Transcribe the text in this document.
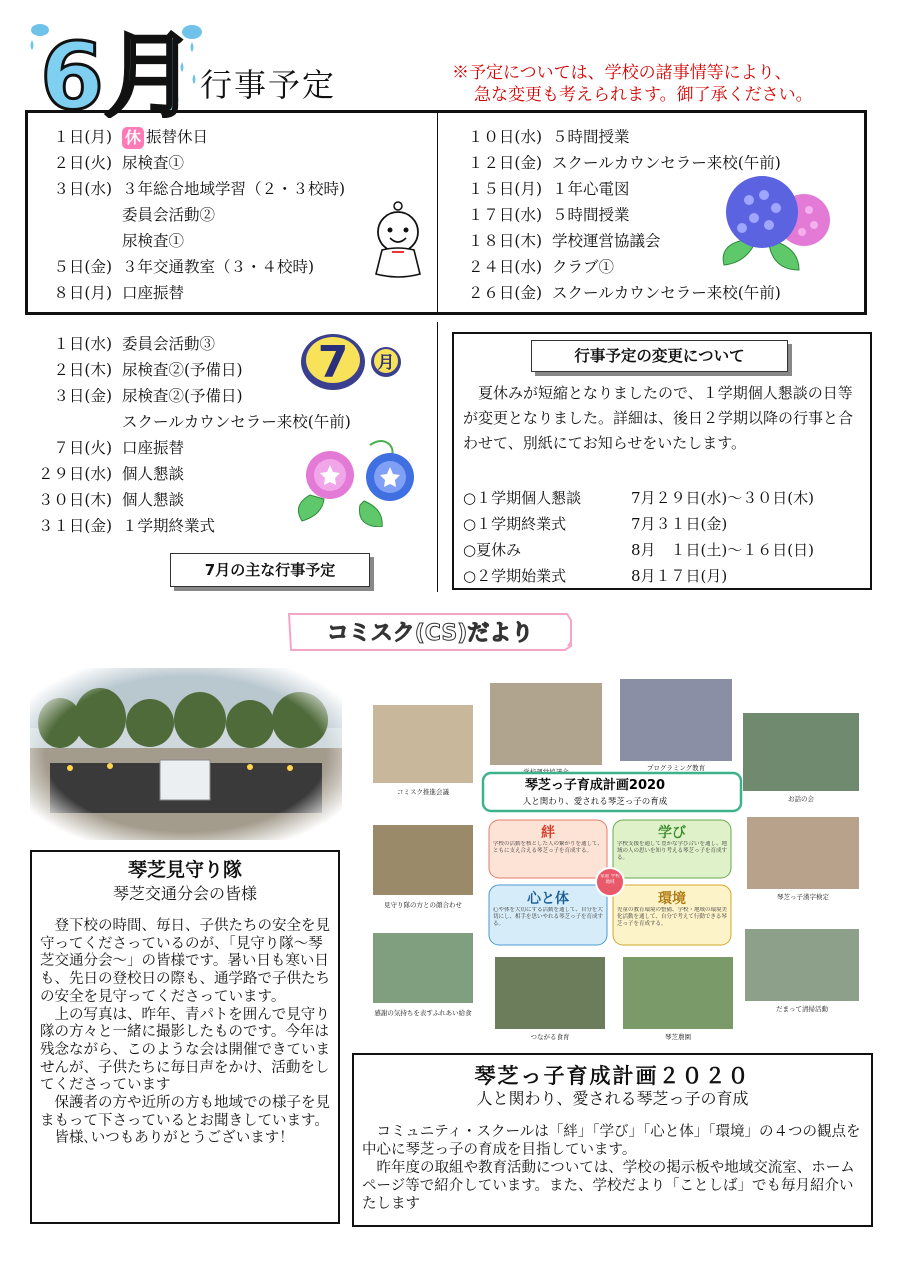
6月 行事予定	※予定については、学校の諸事情等により、
急な変更も考えられます。御了承ください。
１日(月) 休 振替休日
２日(火) 尿検査①
３日(水) ３年総合地域学習（２・３校時)
委員会活動②
尿検査①
５日(金) ３年交通教室（３・４校時)
８日(月) 口座振替
１０日(水) ５時間授業
１２日(金) スクールカウンセラー来校(午前)
１５日(月) １年心電図
１７日(水) ５時間授業
１８日(木) 学校運営協議会
２４日(水) クラブ①
２６日(金) スクールカウンセラー来校(午前)
１日(水) 委員会活動③
２日(木) 尿検査②(予備日)
３日(金) 尿検査②(予備日)
スクールカウンセラー来校(午前)
７日(火) 口座振替
２９日(水) 個人懇談
３０日(木) 個人懇談
３１日(金) １学期終業式
7 月
7月の主な行事予定
行事予定の変更について
夏休みが短縮となりましたので、１学期個人懇談の日等が変更となりました。詳細は、後日２学期以降の行事と合わせて、別紙にてお知らせをいたします。
○１学期個人懇談	7月２９日(水)～３０日(木)
○１学期終業式	7月３１日(金)
○夏休み	8月　１日(土)～１６日(日)
○２学期始業式	8月１７日(月)
コミスク(CS)だより
琴芝見守り隊
琴芝交通分会の皆様

登下校の時間、毎日、子供たちの安全を見守ってくださっているのが、「見守り隊～琴芝交通分会～」の皆様です。暑い日も寒い日も、先日の登校日の際も、通学路で子供たちの安全を見守ってくださっています。

上の写真は、昨年、青パトを囲んで見守り隊の方々と一緒に撮影したものです。今年は残念ながら、このような会は開催できていませんが、子供たちに毎日声をかけ、活動をしてくださっています

保護者の方や近所の方も地域での様子を見まもって下さっているとお聞きしています。

皆様､いつもありがとうございます！

コミスク推進会議
プログラミング教育
お話の会
見守り隊の方との顔合わせ
琴芝っ子漢字検定
感謝の気持ちを表すふれあい給食
つながる食育	琴芝農園
だまって清掃活動
琴芝っ子育成計画2020
人と関わり、愛される琴芝っ子の育成
絆
学校の活動を核とした人の繋がりを通して、ともに支え合える琴芝っ子を育成する。
学び
学校支援を通して豊かな学び合いを通し、地域の人の思いを知り考える琴芝っ子を育成する。
心と体
心や体を大切にする活動を通して、自分を大切にし、相手を思いやれる琴芝っ子を育成する。
環境
児童の教育環境の整備、学校・地域の環境美化活動を通して、自分で考えて行動できる琴芝っ子を育成する。
家庭 学校 地域
琴芝っ子育成計画２０２０
人と関わり、愛される琴芝っ子の育成

コミュニティ・スクールは「絆」「学び」「心と体」「環境」の４つの観点を中心に琴芝っ子の育成を目指しています。

昨年度の取組や教育活動については、学校の掲示板や地域交流室、ホームページ等で紹介しています。また、学校だより「ことしば」でも毎月紹介いたします
